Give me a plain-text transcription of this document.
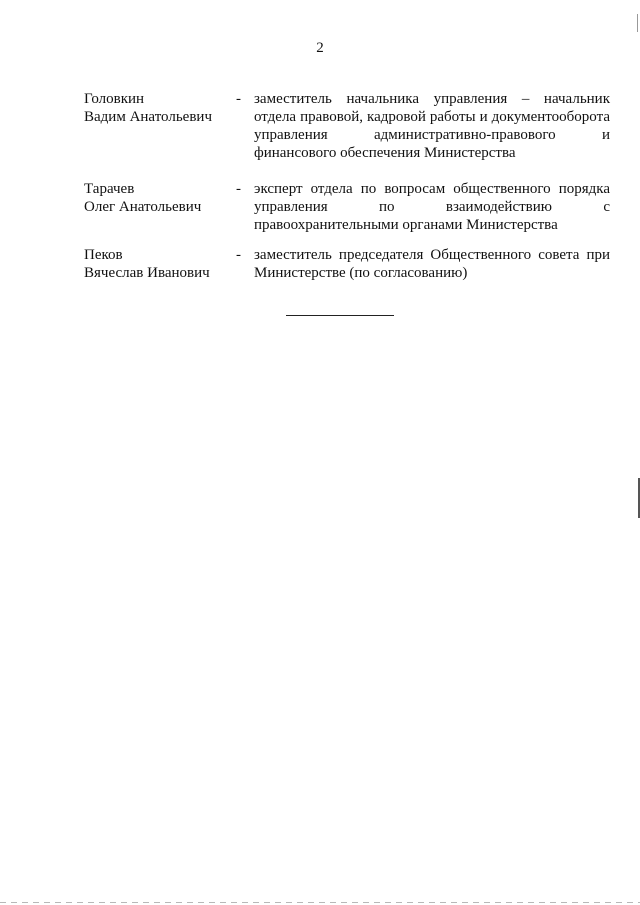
2
Головкин
Вадим Анатольевич
- заместитель начальника управления – начальник отдела правовой, кадровой работы и документооборота управления административно-правового и финансового обеспечения Министерства
Тарачев
Олег Анатольевич
- эксперт отдела по вопросам общественного порядка управления по взаимодействию с правоохранительными органами Министерства
Пеков
Вячеслав Иванович
- заместитель председателя Общественного совета при Министерстве (по согласованию)
